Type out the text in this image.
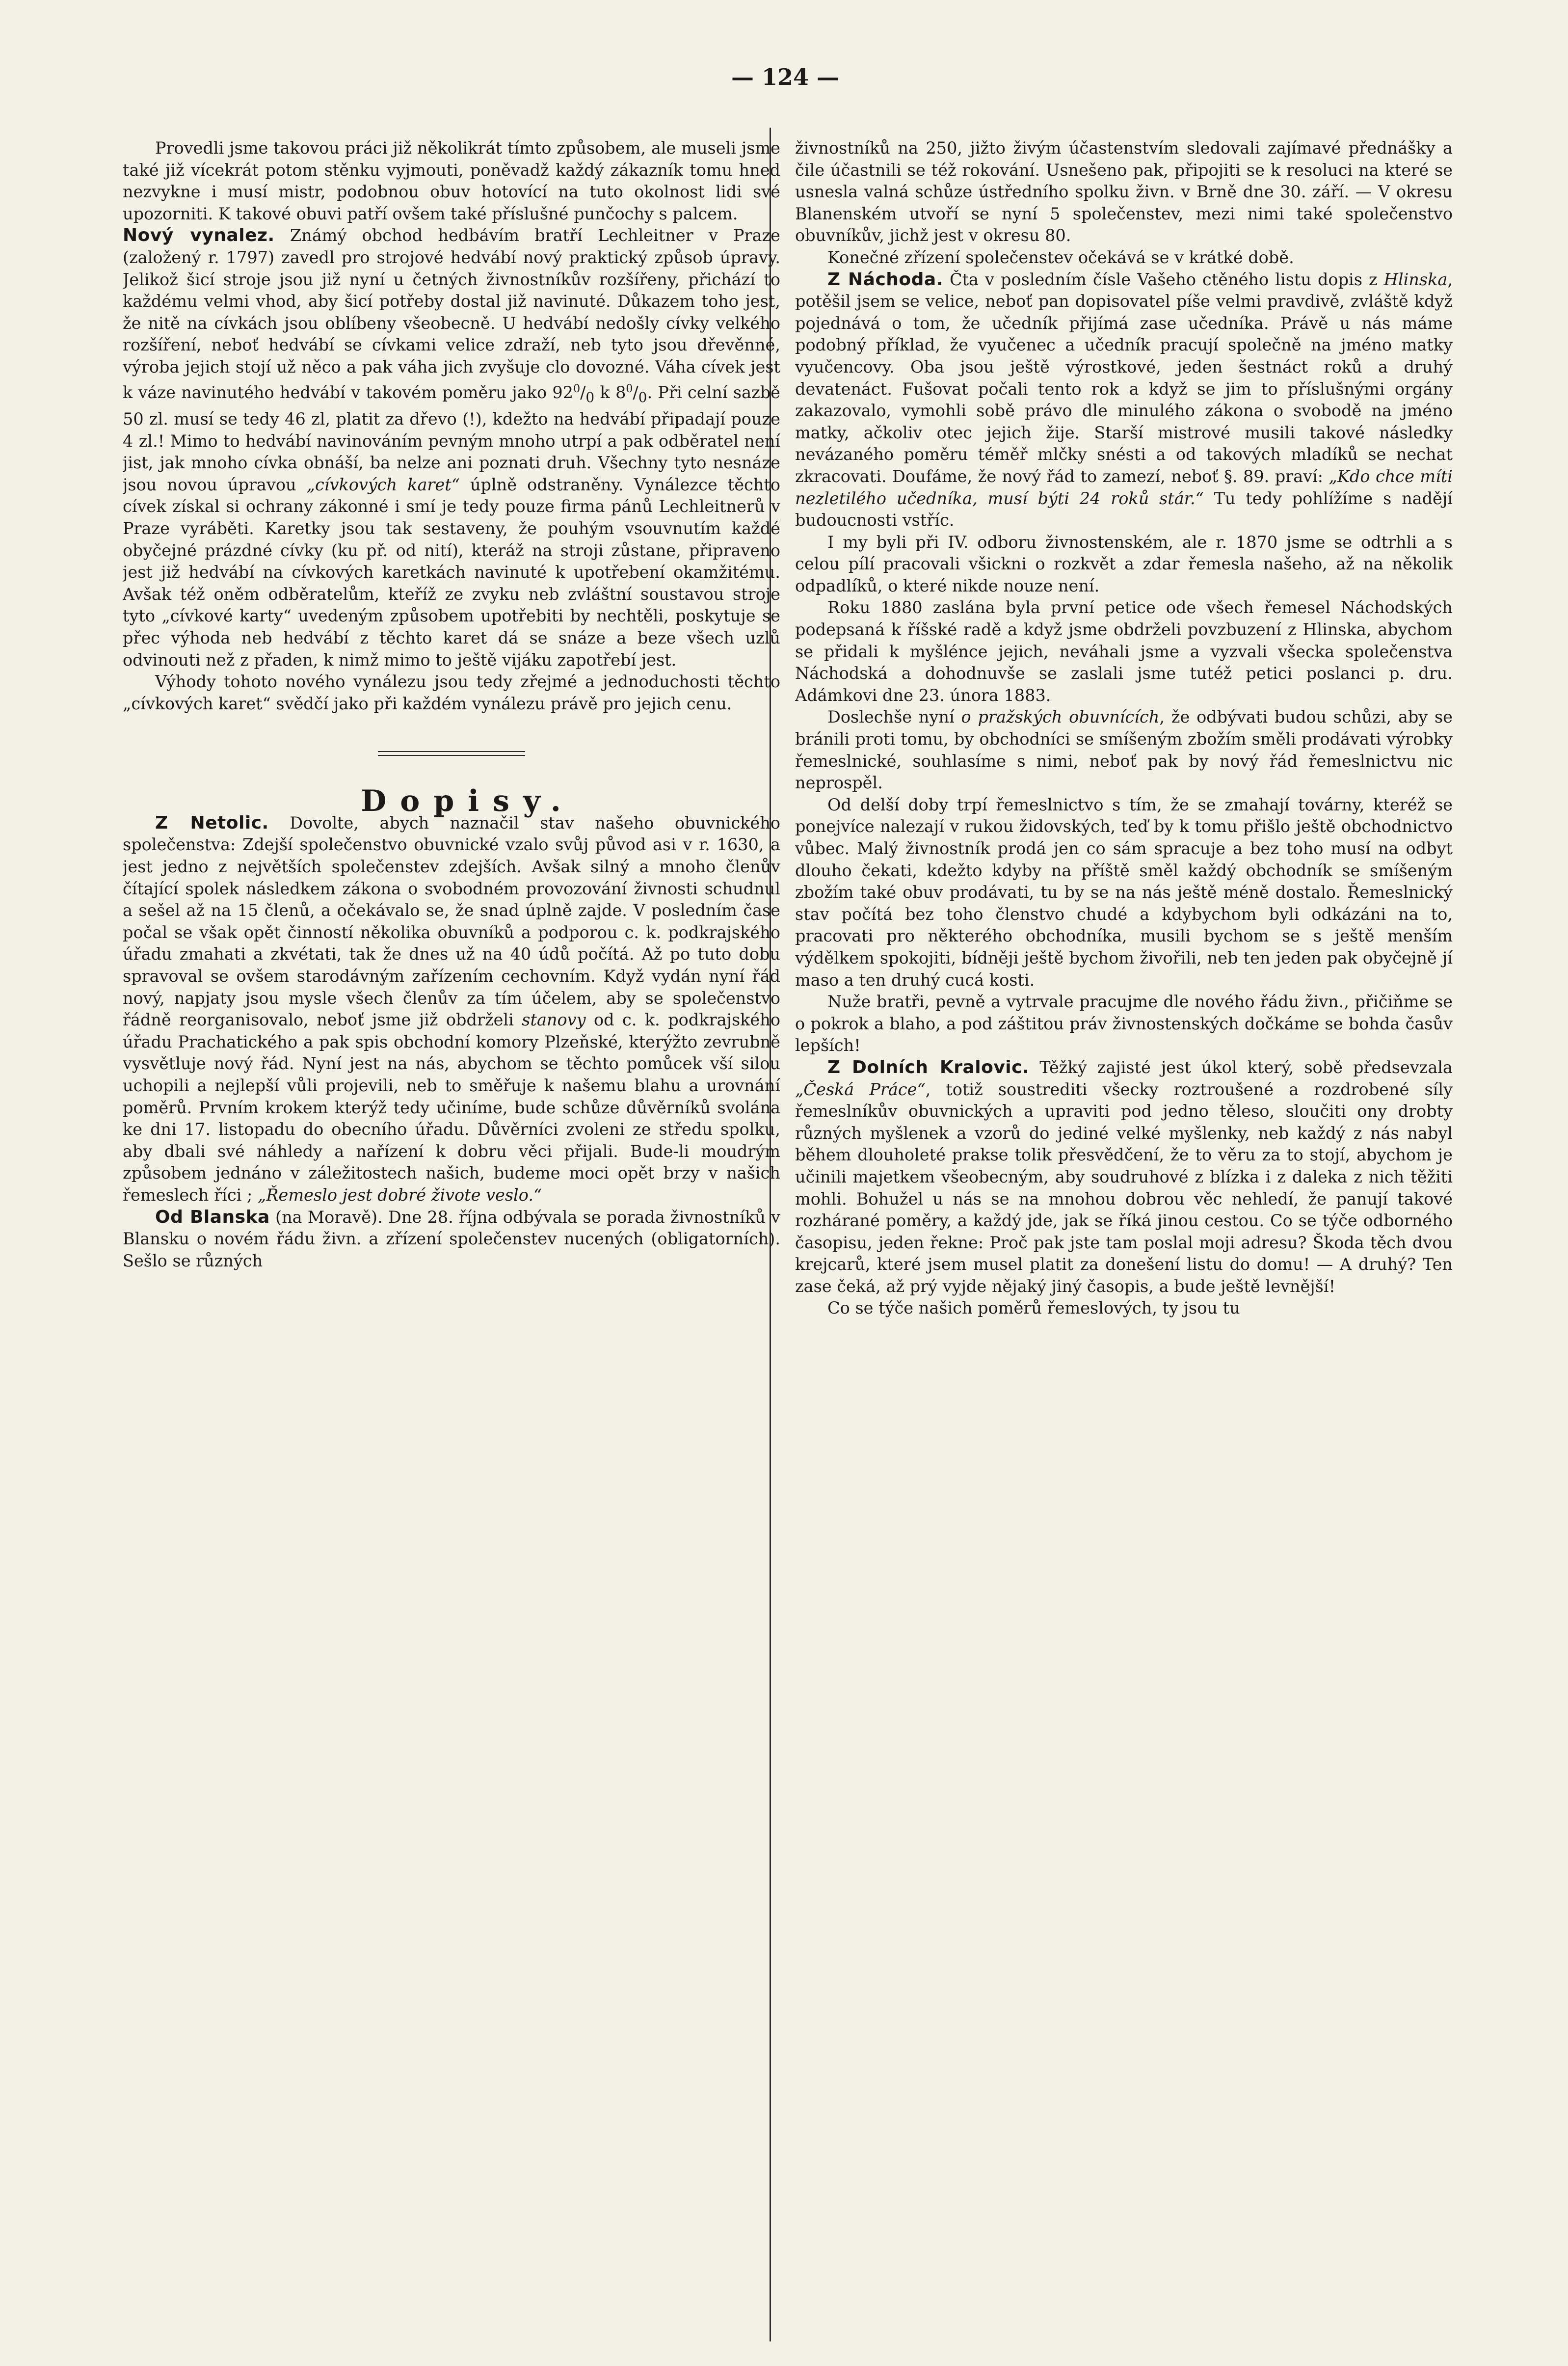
— 124 —

Provedli jsme takovou práci již několikrát tímto způsobem, ale museli jsme také již vícekrát potom stěnku vyjmouti, poněvadž každý zákazník tomu hned nezvykne i musí mistr, podobnou obuv hotovící na tuto okolnost lidi své upozorniti. K takové obuvi patří ovšem také příslušné punčochy s palcem.

Nový vynalez. Známý obchod hedbávím bratří Lechleitner v Praze (založený r. 1797) zavedl pro strojové hedvábí nový praktický způsob úpravy. Jelikož šicí stroje jsou již nyní u četných živnostníkův rozšířeny, přichází to každému velmi vhod, aby šicí potřeby dostal již navinuté. Důkazem toho jest, že nitě na cívkách jsou oblíbeny všeobecně. U hedvábí nedošly cívky velkého rozšíření, neboť hedvábí se cívkami velice zdraží, neb tyto jsou dřevěnné, výroba jejich stojí už něco a pak váha jich zvyšuje clo dovozné. Váha cívek jest k váze navinutého hedvábí v takovém poměru jako $92^0/_0$ k $8^0/_0$. Při celní sazbě 50 zl. musí se tedy 46 zl, platit za dřevo (!), kdežto na hedvábí připadají pouze 4 zl.! Mimo to hedvábí navinováním pevným mnoho utrpí a pak odběratel není jist, jak mnoho cívka obnáší, ba nelze ani poznati druh. Všechny tyto nesnáze jsou novou úpravou „cívkových karet“ úplně odstraněny. Vynálezce těchto cívek získal si ochrany zákonné i smí je tedy pouze firma pánů Lechleitnerů v Praze vyráběti. Karetky jsou tak sestaveny, že pouhým vsouvnutím každé obyčejné prázdné cívky (ku př. od nití), kteráž na stroji zůstane, připraveno jest již hedvábí na cívkových karetkách navinuté k upotřebení okamžitému. Avšak též oněm odběratelům, kteříž ze zvyku neb zvláštní soustavou stroje tyto „cívkové karty“ uvedeným způsobem upotřebiti by nechtěli, poskytuje se přec výhoda neb hedvábí z těchto karet dá se snáze a beze všech uzlů odvinouti než z přaden, k nimž mimo to ještě vijáku zapotřebí jest.

Výhody tohoto nového vynálezu jsou tedy zřejmé a jednoduchosti těchto „cívkových karet“ svědčí jako při každém vynálezu právě pro jejich cenu.

Dopisy.

Z Netolic. Dovolte, abych naznačil stav našeho obuvnického společenstva: Zdejší společenstvo obuvnické vzalo svůj původ asi v r. 1630, a jest jedno z největších společenstev zdejších. Avšak silný a mnoho členův čítající spolek následkem zákona o svobodném provozování živnosti schudnul a sešel až na 15 členů, a očekávalo se, že snad úplně zajde. V posledním čase počal se však opět činností několika obuvníků a podporou c. k. podkrajského úřadu zmahati a zkvétati, tak že dnes už na 40 údů počítá. Až po tuto dobu spravoval se ovšem starodávným zařízením cechovním. Když vydán nyní řád nový, napjaty jsou mysle všech členův za tím účelem, aby se společenstvo řádně reorganisovalo, neboť jsme již obdrželi stanovy od c. k. podkrajského úřadu Prachatického a pak spis obchodní komory Plzeňské, kterýžto zevrubně vysvětluje nový řád. Nyní jest na nás, abychom se těchto pomůcek vší silou uchopili a nejlepší vůli projevili, neb to směřuje k našemu blahu a urovnání poměrů. Prvním krokem kterýž tedy učiníme, bude schůze důvěrníků svolána ke dni 17. listopadu do obecního úřadu. Důvěrníci zvoleni ze středu spolku, aby dbali své náhledy a nařízení k dobru věci přijali. Bude-li moudrým způsobem jednáno v záležitostech našich, budeme moci opět brzy v našich řemeslech říci ; „Řemeslo jest dobré živote veslo.“

Od Blanska (na Moravě). Dne 28. října odbývala se porada živnostníků v Blansku o novém řádu živn. a zřízení společenstev nucených (obligatorních). Sešlo se různých

živnostníků na 250, jižto živým účastenstvím sledovali zajímavé přednášky a čile účastnili se též rokování. Usnešeno pak, připojiti se k resoluci na které se usnesla valná schůze ústředního spolku živn. v Brně dne 30. září. — V okresu Blanenském utvoří se nyní 5 společenstev, mezi nimi také společenstvo obuvníkův, jichž jest v okresu 80.

Konečné zřízení společenstev očekává se v krátké době.

Z Náchoda. Čta v posledním čísle Vašeho ctěného listu dopis z Hlinska, potěšil jsem se velice, neboť pan dopisovatel píše velmi pravdivě, zvláště když pojednává o tom, že učedník přijímá zase učedníka. Právě u nás máme podobný příklad, že vyučenec a učedník pracují společně na jméno matky vyučencovy. Oba jsou ještě výrostkové, jeden šestnáct roků a druhý devatenáct. Fušovat počali tento rok a když se jim to příslušnými orgány zakazovalo, vymohli sobě právo dle minulého zákona o svobodě na jméno matky, ačkoliv otec jejich žije. Starší mistrové musili takové následky nevázaného poměru téměř mlčky snésti a od takových mladíků se nechat zkracovati. Doufáme, že nový řád to zamezí, neboť §. 89. praví: „Kdo chce míti nezletilého učedníka, musí býti 24 roků stár.“ Tu tedy pohlížíme s nadějí budoucnosti vstříc.

I my byli při IV. odboru živnostenském, ale r. 1870 jsme se odtrhli a s celou pílí pracovali všickni o rozkvět a zdar řemesla našeho, až na několik odpadlíků, o které nikde nouze není.

Roku 1880 zaslána byla první petice ode všech řemesel Náchodských podepsaná k říšské radě a když jsme obdrželi povzbuzení z Hlinska, abychom se přidali k myšlénce jejich, neváhali jsme a vyzvali všecka společenstva Náchodská a dohodnuvše se zaslali jsme tutéž petici poslanci p. dru. Adámkovi dne 23. února 1883.

Doslechše nyní o pražských obuvnících, že odbývati budou schůzi, aby se bránili proti tomu, by obchodníci se smíšeným zbožím směli prodávati výrobky řemeslnické, souhlasíme s nimi, neboť pak by nový řád řemeslnictvu nic neprospěl.

Od delší doby trpí řemeslnictvo s tím, že se zmahají továrny, kteréž se ponejvíce nalezají v rukou židovských, teď by k tomu přišlo ještě obchodnictvo vůbec. Malý živnostník prodá jen co sám spracuje a bez toho musí na odbyt dlouho čekati, kdežto kdyby na příště směl každý obchodník se smíšeným zbožím také obuv prodávati, tu by se na nás ještě méně dostalo. Řemeslnický stav počítá bez toho členstvo chudé a kdybychom byli odkázáni na to, pracovati pro některého obchodníka, musili bychom se s ještě menším výdělkem spokojiti, bídněji ještě bychom živořili, neb ten jeden pak obyčejně jí maso a ten druhý cucá kosti.

Nuže bratři, pevně a vytrvale pracujme dle nového řádu živn., přičiňme se o pokrok a blaho, a pod záštitou práv živnostenských dočkáme se bohda časův lepších!

Z Dolních Kralovic. Těžký zajisté jest úkol který, sobě předsevzala „Česká Práce“, totiž soustrediti všecky roztroušené a rozdrobené síly řemeslníkův obuvnických a upraviti pod jedno těleso, sloučiti ony drobty různých myšlenek a vzorů do jediné velké myšlenky, neb každý z nás nabyl během dlouholeté prakse tolik přesvědčení, že to věru za to stojí, abychom je učinili majetkem všeobecným, aby soudruhové z blízka i z daleka z nich těžiti mohli. Bohužel u nás se na mnohou dobrou věc nehledí, že panují takové rozhárané poměry, a každý jde, jak se říká jinou cestou. Co se týče odborného časopisu, jeden řekne: Proč pak jste tam poslal moji adresu? Škoda těch dvou krejcarů, které jsem musel platit za donešení listu do domu! — A druhý? Ten zase čeká, až prý vyjde nějaký jiný časopis, a bude ještě levnější!

Co se týče našich poměrů řemeslových, ty jsou tu
